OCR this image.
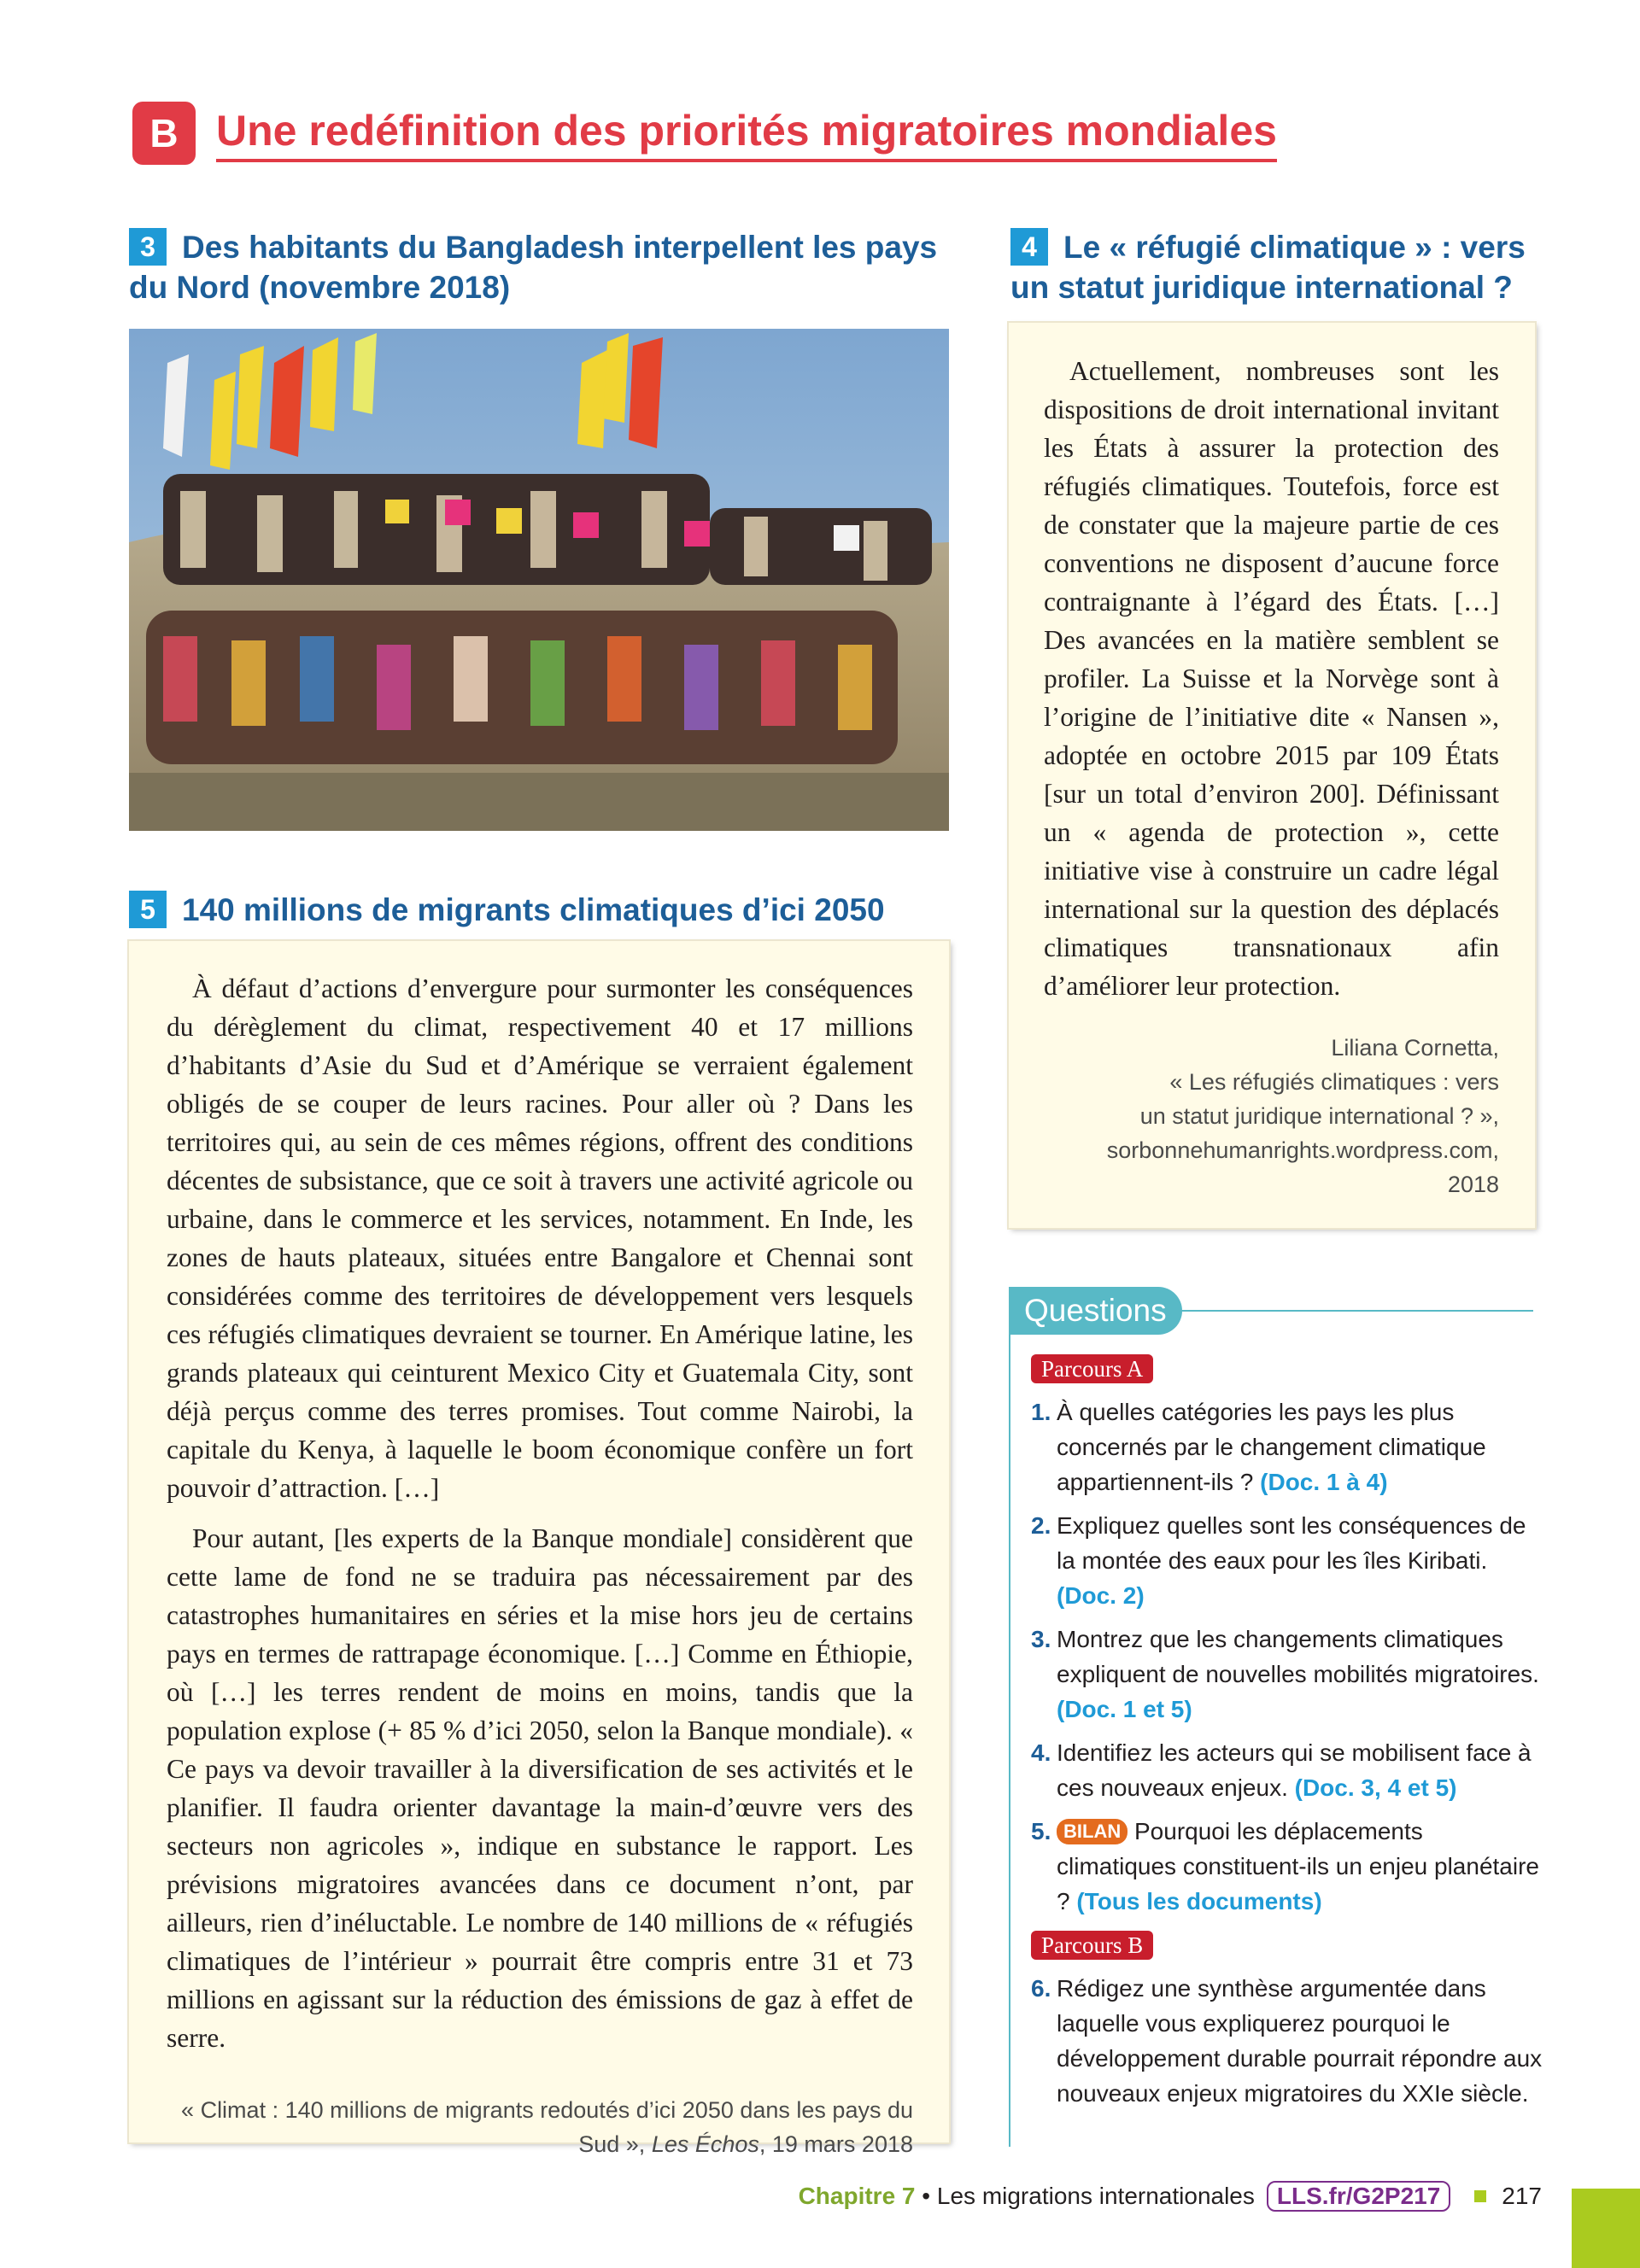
B Une redéfinition des priorités migratoires mondiales
3 Des habitants du Bangladesh interpellent les pays du Nord (novembre 2018)
5 140 millions de migrants climatiques d’ici 2050

À défaut d’actions d’envergure pour surmonter les conséquences du dérèglement du climat, respectivement 40 et 17 millions d’habitants d’Asie du Sud et d’Amérique se verraient également obligés de se couper de leurs racines. Pour aller où ? Dans les territoires qui, au sein de ces mêmes régions, offrent des conditions décentes de subsistance, que ce soit à travers une activité agricole ou urbaine, dans le commerce et les services, notamment. En Inde, les zones de hauts plateaux, situées entre Bangalore et Chennai sont considérées comme des territoires de développement vers lesquels ces réfugiés climatiques devraient se tourner. En Amérique latine, les grands plateaux qui ceinturent Mexico City et Guatemala City, sont déjà perçus comme des terres promises. Tout comme Nairobi, la capitale du Kenya, à laquelle le boom économique confère un fort pouvoir d’attraction. […]

Pour autant, [les experts de la Banque mondiale] considèrent que cette lame de fond ne se traduira pas nécessairement par des catastrophes humanitaires en séries et la mise hors jeu de certains pays en termes de rattrapage économique. […] Comme en Éthiopie, où […] les terres rendent de moins en moins, tandis que la population explose (+ 85 % d’ici 2050, selon la Banque mondiale). « Ce pays va devoir travailler à la diversification de ses activités et le planifier. Il faudra orienter davantage la main-d’œuvre vers des secteurs non agricoles », indique en substance le rapport. Les prévisions migratoires avancées dans ce document n’ont, par ailleurs, rien d’inéluctable. Le nombre de 140 millions de « réfugiés climatiques de l’intérieur » pourrait être compris entre 31 et 73 millions en agissant sur la réduction des émissions de gaz à effet de serre.

« Climat : 140 millions de migrants redoutés d’ici 2050 dans les pays du Sud », Les Échos, 19 mars 2018
4 Le « réfugié climatique » : vers un statut juridique international ?

Actuellement, nombreuses sont les dispositions de droit international invitant les États à assurer la protection des réfugiés climatiques. Toutefois, force est de constater que la majeure partie de ces conventions ne disposent d’aucune force contraignante à l’égard des États. […] Des avancées en la matière semblent se profiler. La Suisse et la Norvège sont à l’origine de l’initiative dite « Nansen », adoptée en octobre 2015 par 109 États [sur un total d’environ 200]. Définissant un « agenda de protection », cette initiative vise à construire un cadre légal international sur la question des déplacés climatiques transnationaux afin d’améliorer leur protection.

Liliana Cornetta,
« Les réfugiés climatiques : vers
un statut juridique international ? »,
sorbonnehumanrights.wordpress.com,
2018
Questions
Parcours A
1. À quelles catégories les pays les plus concernés par le changement climatique appartiennent-ils ? (Doc. 1 à 4)
2. Expliquez quelles sont les conséquences de la montée des eaux pour les îles Kiribati. (Doc. 2)
3. Montrez que les changements climatiques expliquent de nouvelles mobilités migratoires. (Doc. 1 et 5)
4. Identifiez les acteurs qui se mobilisent face à ces nouveaux enjeux. (Doc. 3, 4 et 5)
5. BILAN Pourquoi les déplacements climatiques constituent-ils un enjeu planétaire ? (Tous les documents)
Parcours B
6. Rédigez une synthèse argumentée dans laquelle vous expliquerez pourquoi le développement durable pourrait répondre aux nouveaux enjeux migratoires du XXIe siècle.
Chapitre 7 • Les migrations internationales LLS.fr/G2P217	217
